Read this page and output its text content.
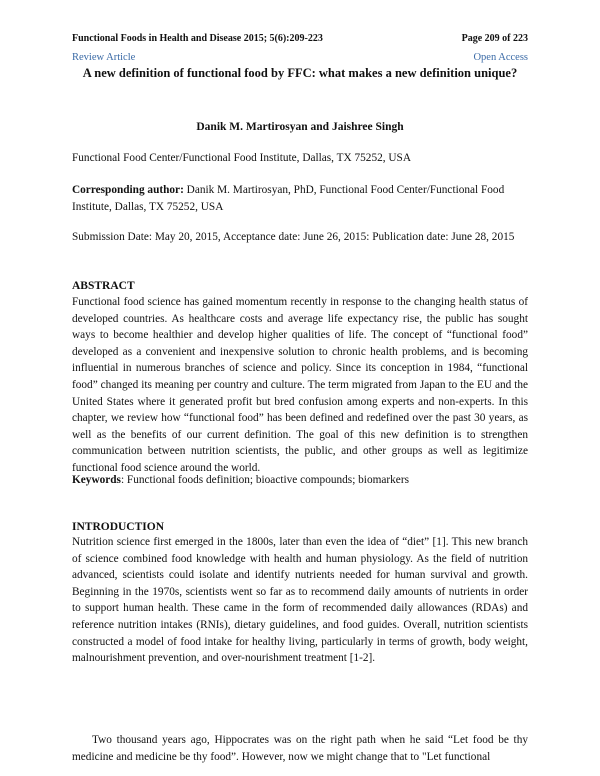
Functional Foods in Health and Disease 2015; 5(6):209-223	Page 209 of 223
Review Article	Open Access
A new definition of functional food by FFC: what makes a new definition unique?
Danik M. Martirosyan and Jaishree Singh
Functional Food Center/Functional Food Institute, Dallas, TX 75252, USA
Corresponding author: Danik M. Martirosyan, PhD, Functional Food Center/Functional Food Institute, Dallas, TX 75252, USA
Submission Date: May 20, 2015, Acceptance date: June 26, 2015: Publication date: June 28, 2015
ABSTRACT
Functional food science has gained momentum recently in response to the changing health status of developed countries. As healthcare costs and average life expectancy rise, the public has sought ways to become healthier and develop higher qualities of life. The concept of “functional food” developed as a convenient and inexpensive solution to chronic health problems, and is becoming influential in numerous branches of science and policy. Since its conception in 1984, “functional food” changed its meaning per country and culture. The term migrated from Japan to the EU and the United States where it generated profit but bred confusion among experts and non-experts. In this chapter, we review how “functional food” has been defined and redefined over the past 30 years, as well as the benefits of our current definition. The goal of this new definition is to strengthen communication between nutrition scientists, the public, and other groups as well as legitimize functional food science around the world.
Keywords: Functional foods definition; bioactive compounds; biomarkers
INTRODUCTION
Nutrition science first emerged in the 1800s, later than even the idea of “diet” [1]. This new branch of science combined food knowledge with health and human physiology. As the field of nutrition advanced, scientists could isolate and identify nutrients needed for human survival and growth. Beginning in the 1970s, scientists went so far as to recommend daily amounts of nutrients in order to support human health. These came in the form of recommended daily allowances (RDAs) and reference nutrition intakes (RNIs), dietary guidelines, and food guides. Overall, nutrition scientists constructed a model of food intake for healthy living, particularly in terms of growth, body weight, malnourishment prevention, and over-nourishment treatment [1-2].
Two thousand years ago, Hippocrates was on the right path when he said “Let food be thy medicine and medicine be thy food”. However, now we might change that to "Let functional
